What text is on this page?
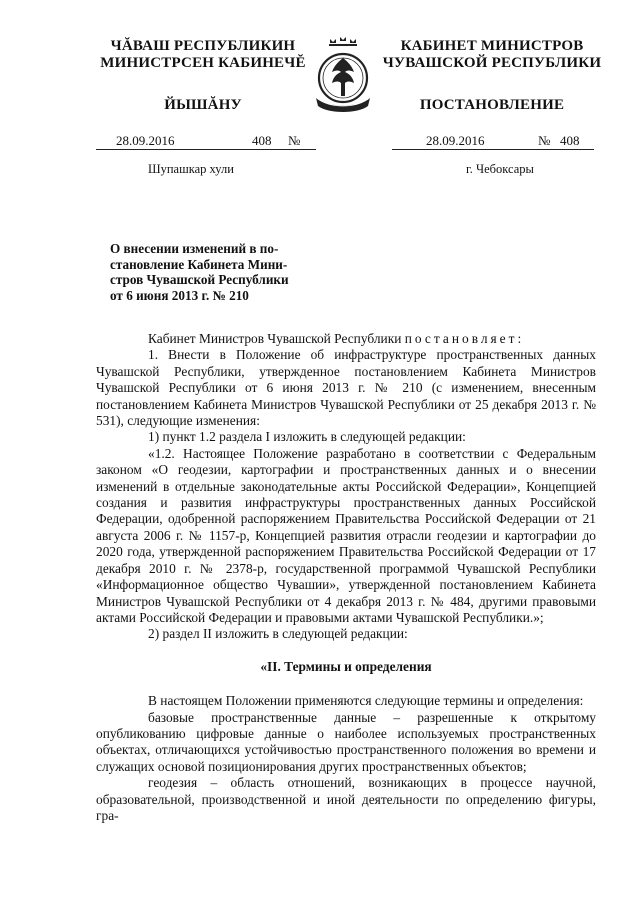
ЧĂВАШ РЕСПУБЛИКИН
МИНИСТРСЕН КАБИНЕЧĔ
ЙЫШĂНУ
КАБИНЕТ МИНИСТРОВ
ЧУВАШСКОЙ РЕСПУБЛИКИ
ПОСТАНОВЛЕНИЕ
28.09.2016	408 №	28.09.2016	№ 408
Шупашкар хули	г. Чебоксары
О внесении изменений в по-
становление Кабинета Мини-
стров Чувашской Республики
от 6 июня 2013 г. № 210

Кабинет Министров Чувашской Республики постановляет:

1. Внести в Положение об инфраструктуре пространственных данных Чувашской Республики, утвержденное постановлением Кабинета Министров Чувашской Республики от 6 июня 2013 г. № 210 (с изменением, внесенным постановлением Кабинета Министров Чувашской Республики от 25 декабря 2013 г. № 531), следующие изменения:

1) пункт 1.2 раздела I изложить в следующей редакции:

«1.2. Настоящее Положение разработано в соответствии с Федеральным законом «О геодезии, картографии и пространственных данных и о внесении изменений в отдельные законодательные акты Российской Федерации», Концепцией создания и развития инфраструктуры пространственных данных Российской Федерации, одобренной распоряжением Правительства Российской Федерации от 21 августа 2006 г. № 1157-р, Концепцией развития отрасли геодезии и картографии до 2020 года, утвержденной распоряжением Правительства Российской Федерации от 17 декабря 2010 г. № 2378-р, государственной программой Чувашской Республики «Информационное общество Чувашии», утвержденной постановлением Кабинета Министров Чувашской Республики от 4 декабря 2013 г. № 484, другими правовыми актами Российской Федерации и правовыми актами Чувашской Республики.»;

2) раздел II изложить в следующей редакции:

«II. Термины и определения

В настоящем Положении применяются следующие термины и определения:

базовые пространственные данные – разрешенные к открытому опубликованию цифровые данные о наиболее используемых пространственных объектах, отличающихся устойчивостью пространственного положения во времени и служащих основой позиционирования других пространственных объектов;

геодезия – область отношений, возникающих в процессе научной, образовательной, производственной и иной деятельности по определению фигуры, гра-
